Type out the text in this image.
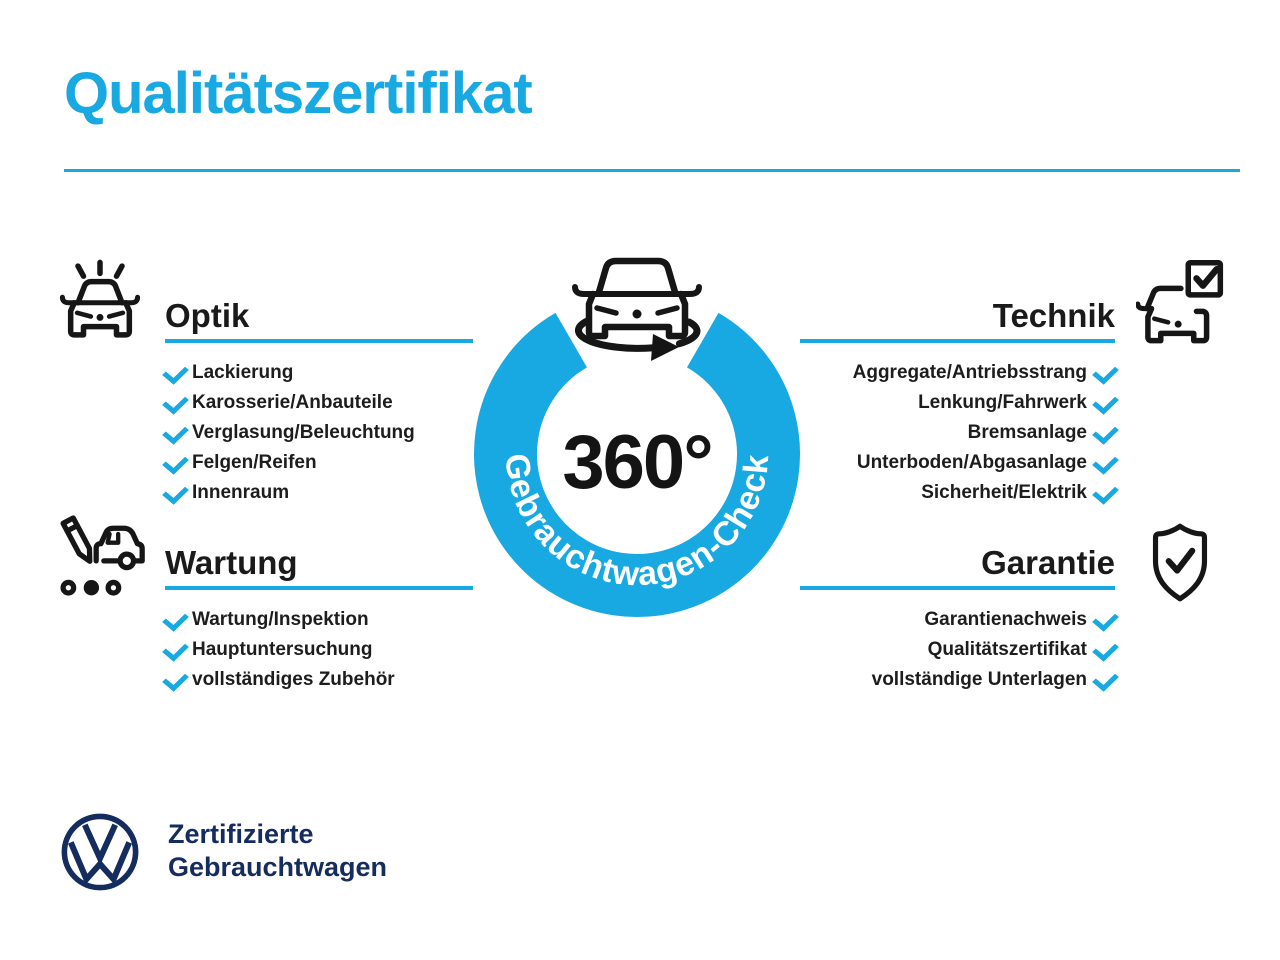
Qualitätszertifikat
Optik
Lackierung
Karosserie/Anbauteile
Verglasung/Beleuchtung
Felgen/Reifen
Innenraum
Wartung
Wartung/Inspektion
Hauptuntersuchung
vollständiges Zubehör
Technik
Aggregate/Antriebsstrang
Lenkung/Fahrwerk
Bremsanlage
Unterboden/Abgasanlage
Sicherheit/Elektrik
Garantie
Garantienachweis
Qualitätszertifikat
vollständige Unterlagen
Gebrauchtwagen-Check
360°
Zertifizierte
Gebrauchtwagen
